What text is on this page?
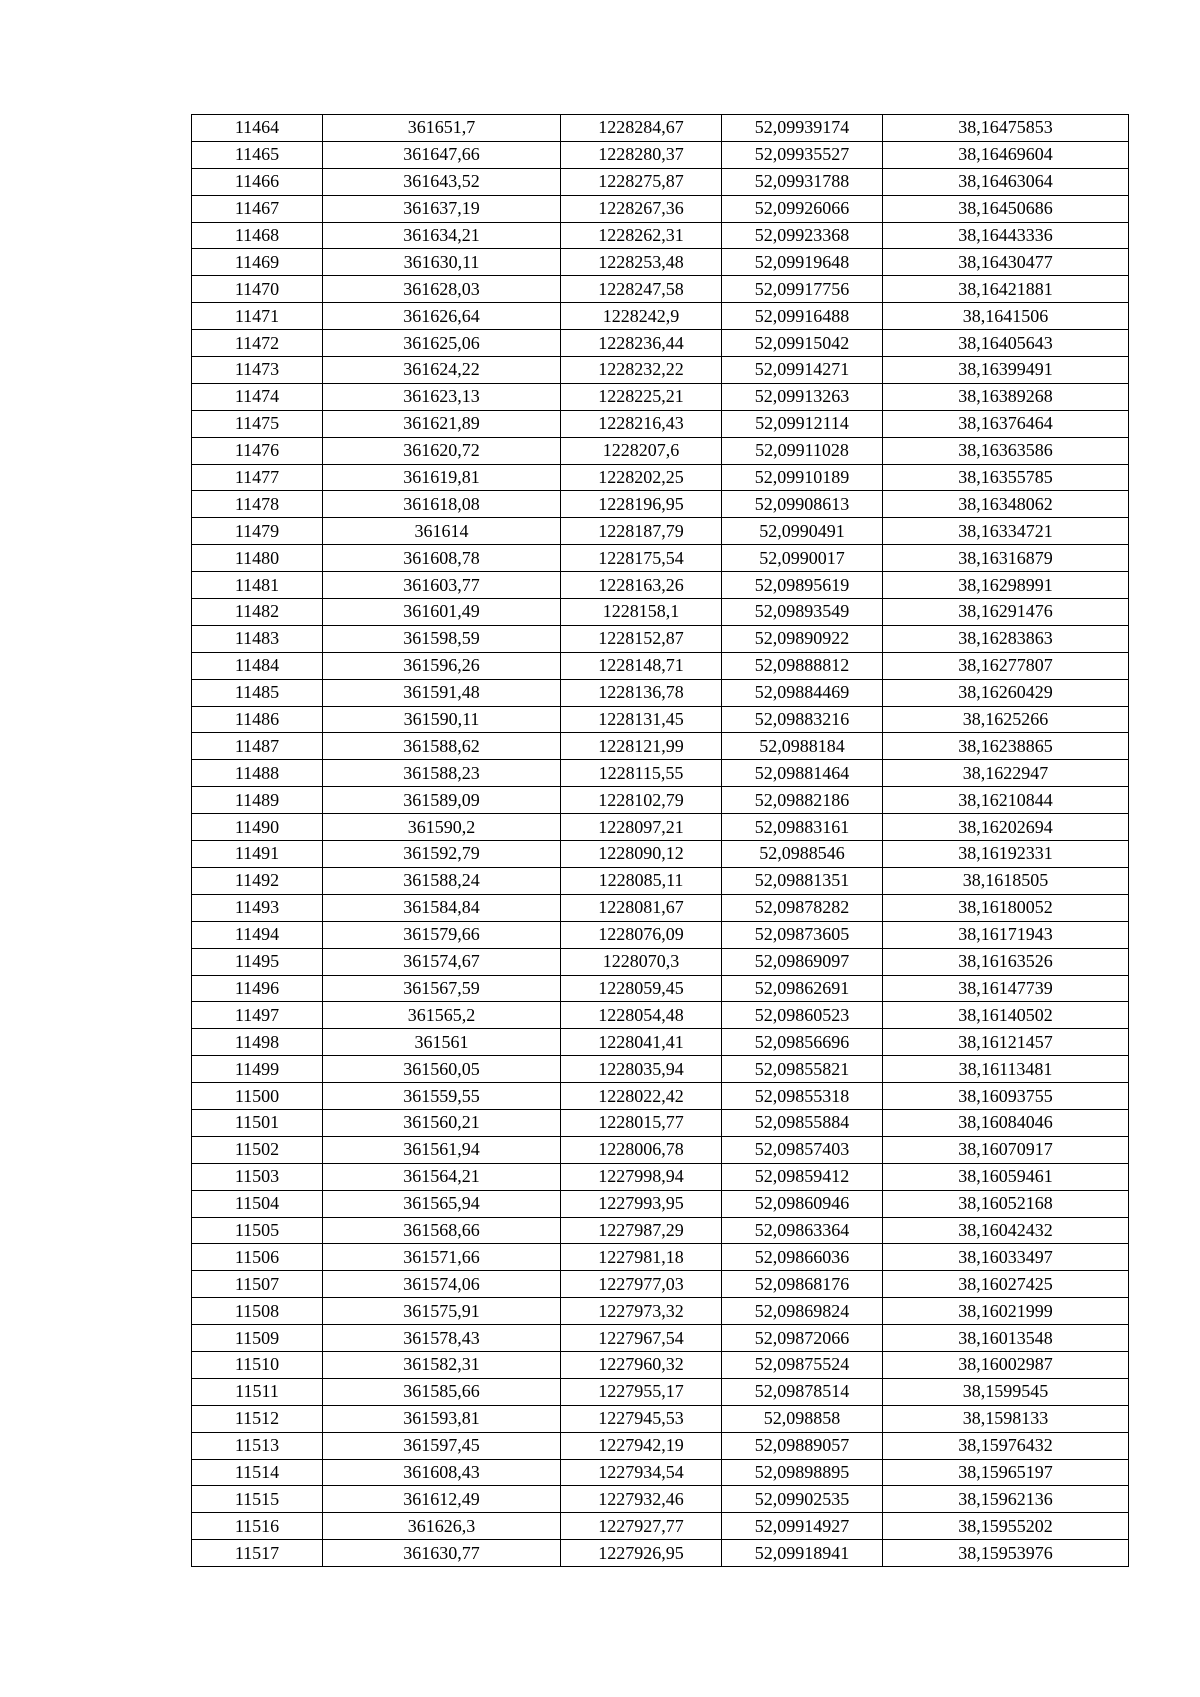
11464	361651,7	1228284,67	52,09939174	38,16475853
11465	361647,66	1228280,37	52,09935527	38,16469604
11466	361643,52	1228275,87	52,09931788	38,16463064
11467	361637,19	1228267,36	52,09926066	38,16450686
11468	361634,21	1228262,31	52,09923368	38,16443336
11469	361630,11	1228253,48	52,09919648	38,16430477
11470	361628,03	1228247,58	52,09917756	38,16421881
11471	361626,64	1228242,9	52,09916488	38,1641506
11472	361625,06	1228236,44	52,09915042	38,16405643
11473	361624,22	1228232,22	52,09914271	38,16399491
11474	361623,13	1228225,21	52,09913263	38,16389268
11475	361621,89	1228216,43	52,09912114	38,16376464
11476	361620,72	1228207,6	52,09911028	38,16363586
11477	361619,81	1228202,25	52,09910189	38,16355785
11478	361618,08	1228196,95	52,09908613	38,16348062
11479	361614	1228187,79	52,0990491	38,16334721
11480	361608,78	1228175,54	52,0990017	38,16316879
11481	361603,77	1228163,26	52,09895619	38,16298991
11482	361601,49	1228158,1	52,09893549	38,16291476
11483	361598,59	1228152,87	52,09890922	38,16283863
11484	361596,26	1228148,71	52,09888812	38,16277807
11485	361591,48	1228136,78	52,09884469	38,16260429
11486	361590,11	1228131,45	52,09883216	38,1625266
11487	361588,62	1228121,99	52,0988184	38,16238865
11488	361588,23	1228115,55	52,09881464	38,1622947
11489	361589,09	1228102,79	52,09882186	38,16210844
11490	361590,2	1228097,21	52,09883161	38,16202694
11491	361592,79	1228090,12	52,0988546	38,16192331
11492	361588,24	1228085,11	52,09881351	38,1618505
11493	361584,84	1228081,67	52,09878282	38,16180052
11494	361579,66	1228076,09	52,09873605	38,16171943
11495	361574,67	1228070,3	52,09869097	38,16163526
11496	361567,59	1228059,45	52,09862691	38,16147739
11497	361565,2	1228054,48	52,09860523	38,16140502
11498	361561	1228041,41	52,09856696	38,16121457
11499	361560,05	1228035,94	52,09855821	38,16113481
11500	361559,55	1228022,42	52,09855318	38,16093755
11501	361560,21	1228015,77	52,09855884	38,16084046
11502	361561,94	1228006,78	52,09857403	38,16070917
11503	361564,21	1227998,94	52,09859412	38,16059461
11504	361565,94	1227993,95	52,09860946	38,16052168
11505	361568,66	1227987,29	52,09863364	38,16042432
11506	361571,66	1227981,18	52,09866036	38,16033497
11507	361574,06	1227977,03	52,09868176	38,16027425
11508	361575,91	1227973,32	52,09869824	38,16021999
11509	361578,43	1227967,54	52,09872066	38,16013548
11510	361582,31	1227960,32	52,09875524	38,16002987
11511	361585,66	1227955,17	52,09878514	38,1599545
11512	361593,81	1227945,53	52,098858	38,1598133
11513	361597,45	1227942,19	52,09889057	38,15976432
11514	361608,43	1227934,54	52,09898895	38,15965197
11515	361612,49	1227932,46	52,09902535	38,15962136
11516	361626,3	1227927,77	52,09914927	38,15955202
11517	361630,77	1227926,95	52,09918941	38,15953976
